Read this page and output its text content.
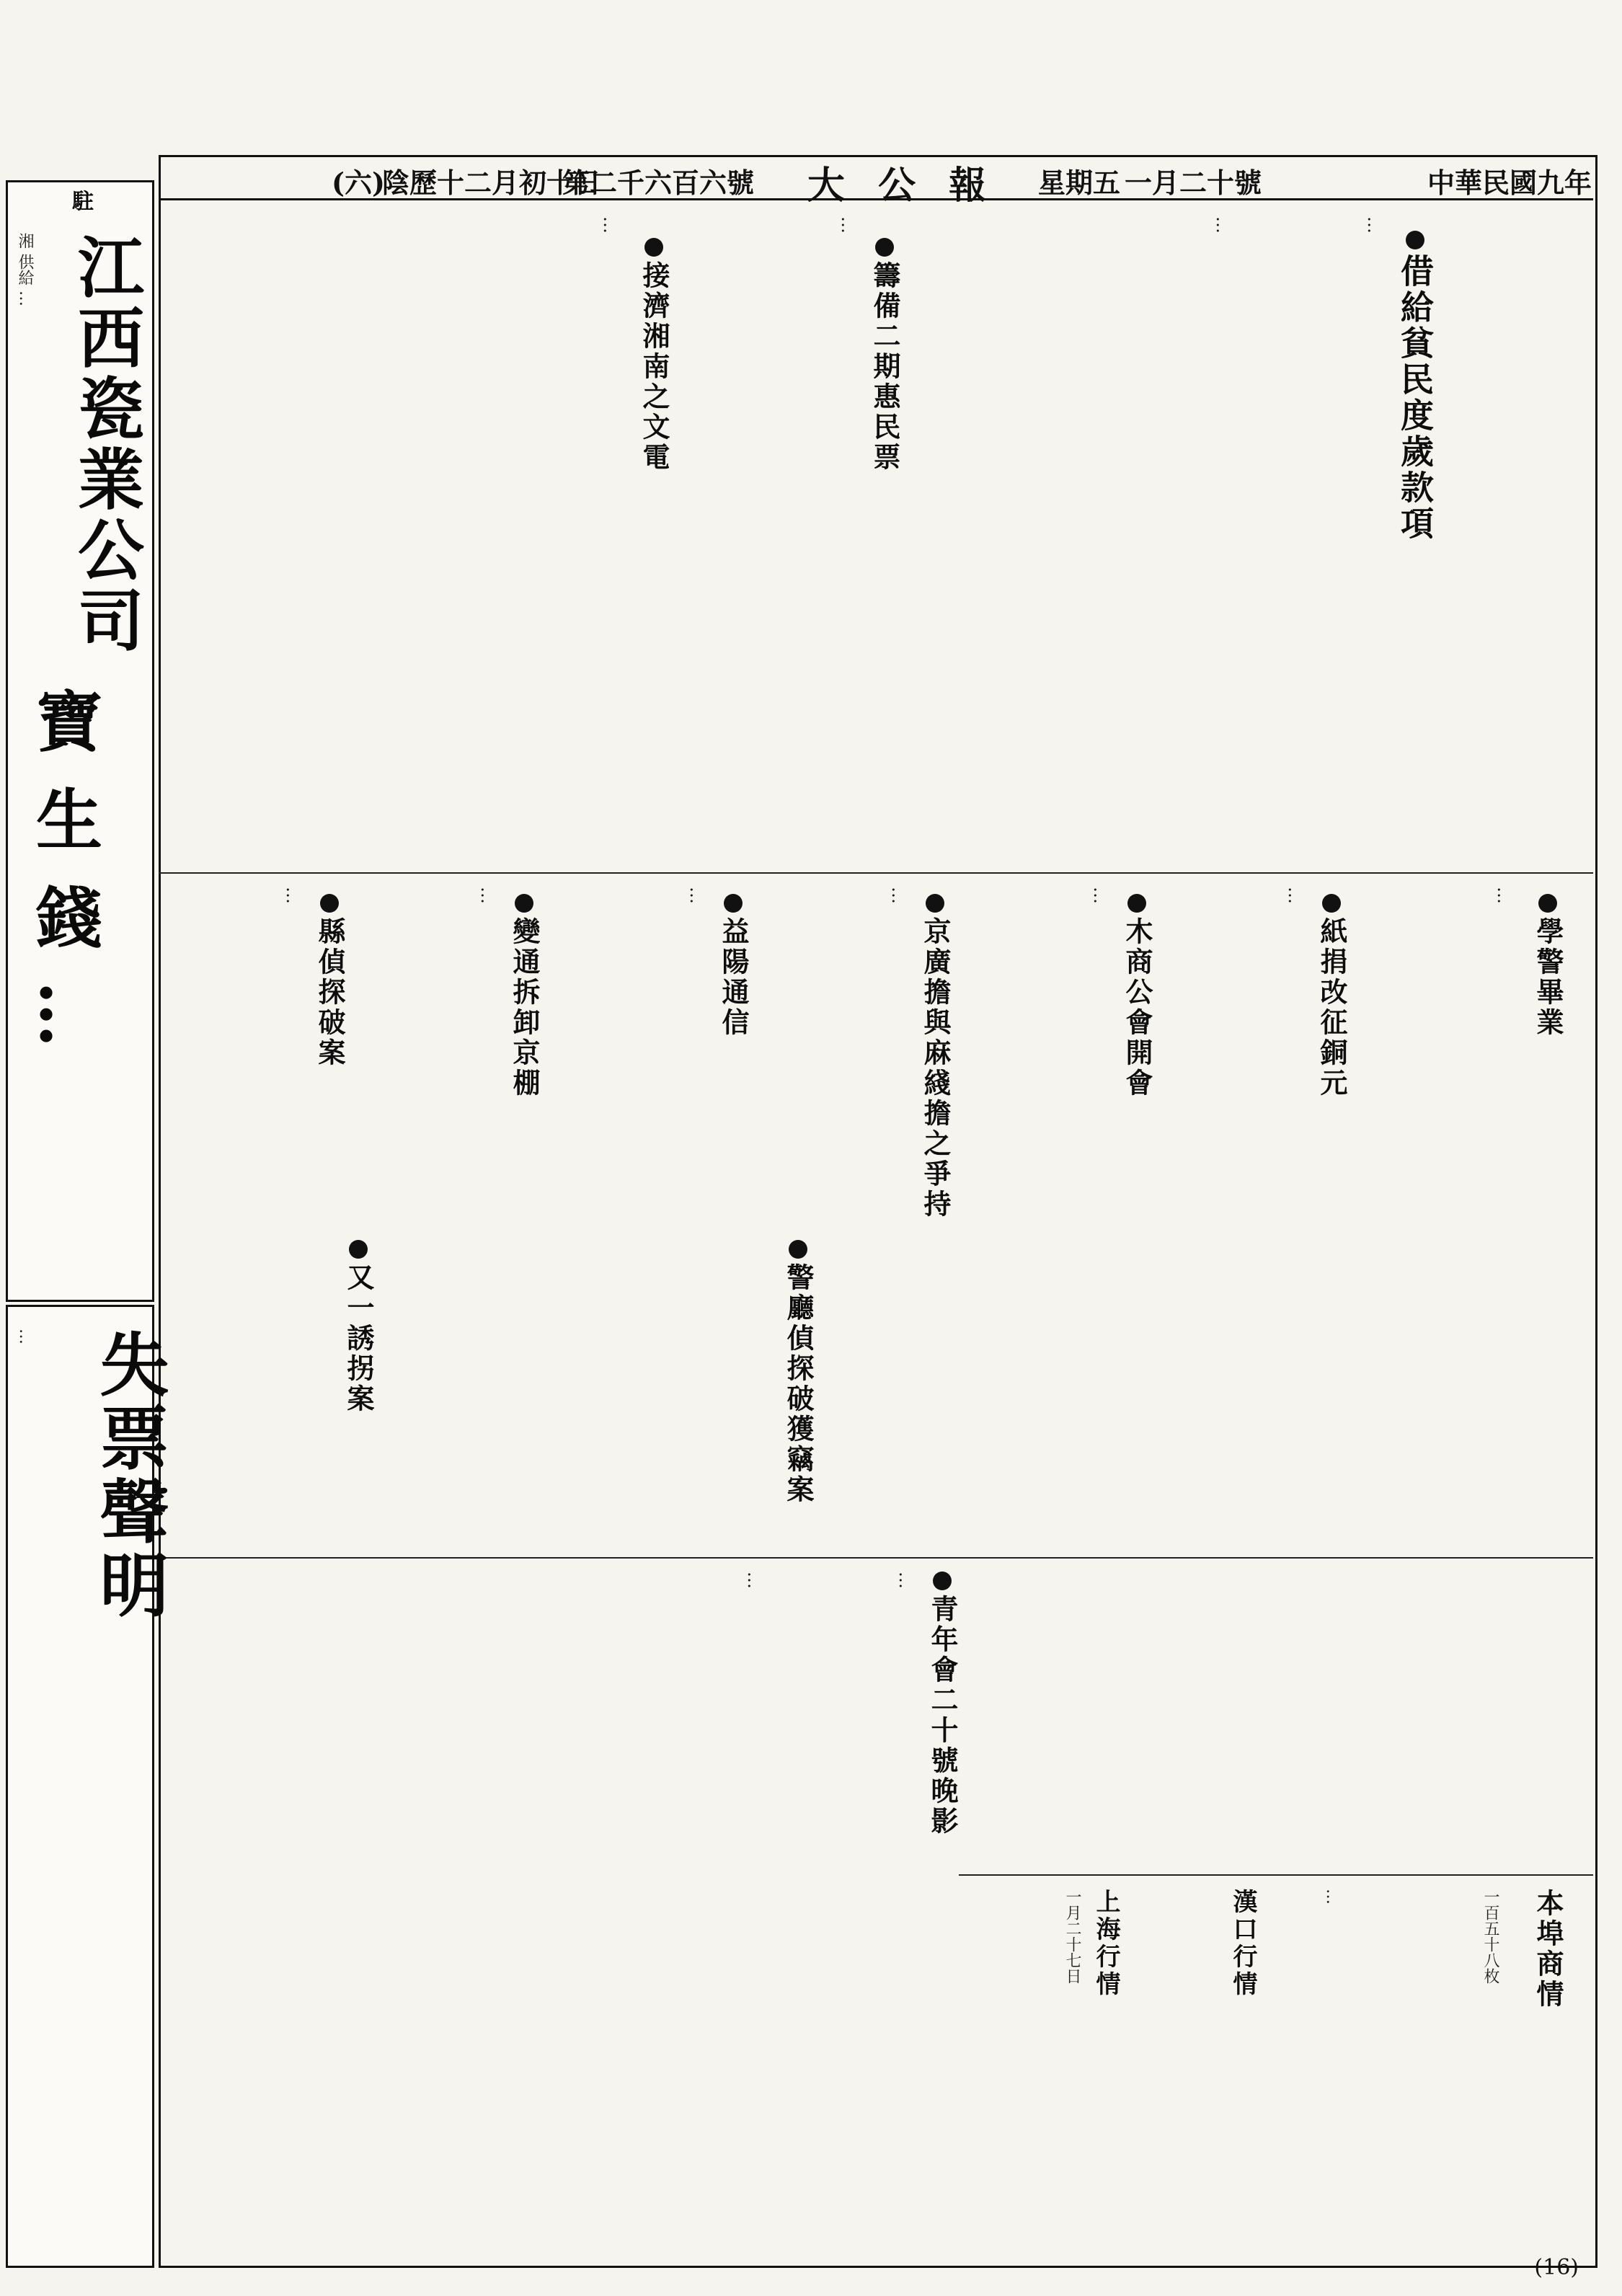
中華民國九年
一月二十號
星期五
大 公 報
第二千六百六號
陰歷十二月初十日
(六)
借給貧民度歲款項
…
…
籌備二期惠民票
…
接濟湘南之文電
…
學警畢業
…
紙捐改征銅元
…
木商公會開會
…
京廣擔與麻綫擔之爭持
…
益陽通信
…
變通拆卸京棚
…
縣偵探破案
…
警廳偵探破獲竊案
青年會二十號晚影
…
又一誘拐案
…
本埠商情
漢口行情
上海行情
一月二十七日	一百五十八枚
…
駐
江西瓷業公司
湘 供給 …
寶 生 錢 …
失票聲明
…
(16)
